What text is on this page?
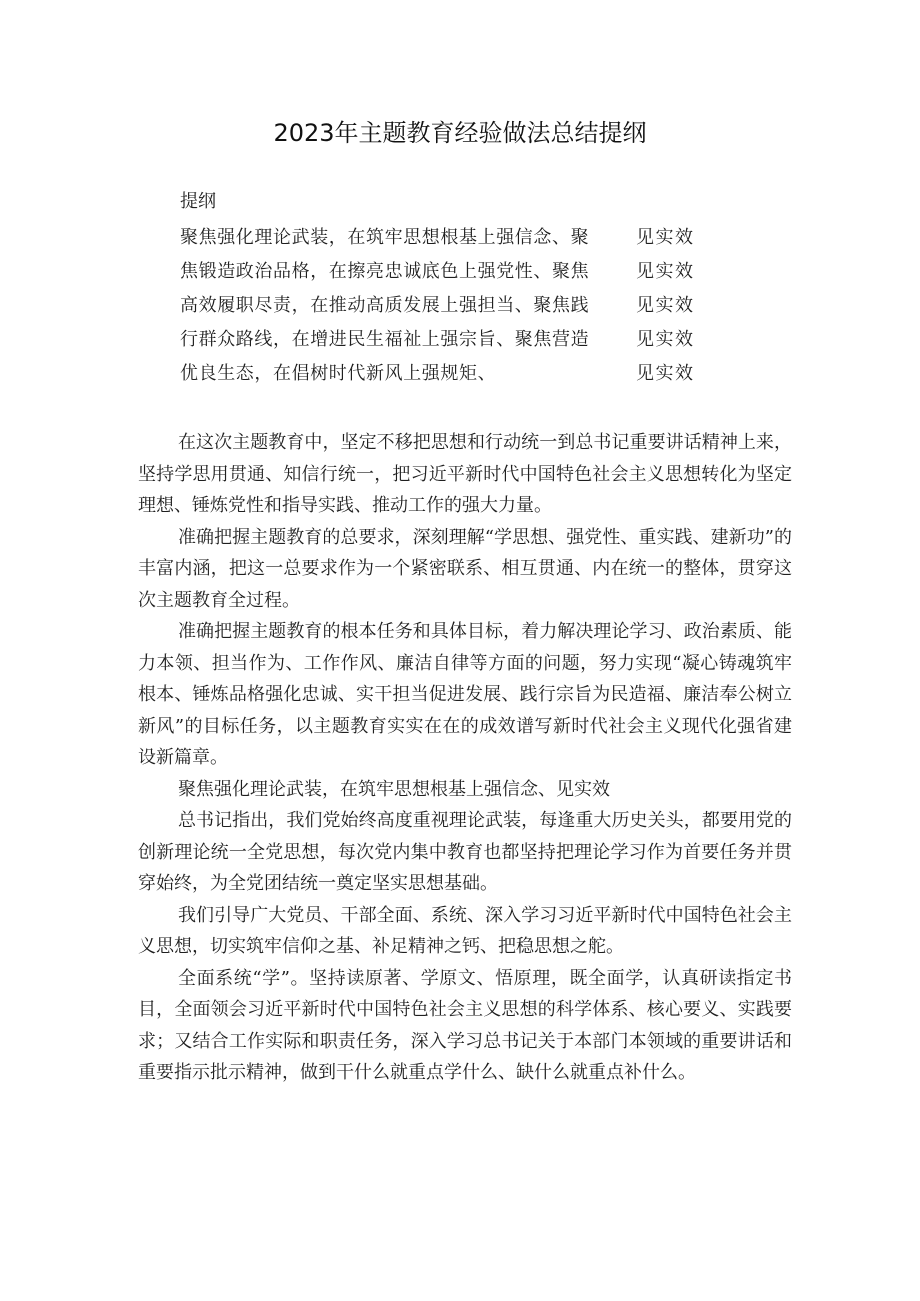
2023年主题教育经验做法总结提纲
提纲
聚焦强化理论武装，在筑牢思想根基上强信念、聚	见实效
焦锻造政治品格，在擦亮忠诚底色上强党性、聚焦	见实效
高效履职尽责，在推动高质发展上强担当、聚焦践	见实效
行群众路线，在增进民生福祉上强宗旨、聚焦营造	见实效
优良生态，在倡树时代新风上强规矩、	见实效

在这次主题教育中，坚定不移把思想和行动统一到总书记重要讲话精神上来，坚持学思用贯通、知信行统一，把习近平新时代中国特色社会主义思想转化为坚定理想、锤炼党性和指导实践、推动工作的强大力量。

准确把握主题教育的总要求，深刻理解“学思想、强党性、重实践、建新功”的丰富内涵，把这一总要求作为一个紧密联系、相互贯通、内在统一的整体，贯穿这次主题教育全过程。

准确把握主题教育的根本任务和具体目标，着力解决理论学习、政治素质、能力本领、担当作为、工作作风、廉洁自律等方面的问题，努力实现“凝心铸魂筑牢根本、锤炼品格强化忠诚、实干担当促进发展、践行宗旨为民造福、廉洁奉公树立新风”的目标任务，以主题教育实实在在的成效谱写新时代社会主义现代化强省建设新篇章。

聚焦强化理论武装，在筑牢思想根基上强信念、见实效

总书记指出，我们党始终高度重视理论武装，每逢重大历史关头，都要用党的创新理论统一全党思想，每次党内集中教育也都坚持把理论学习作为首要任务并贯穿始终，为全党团结统一奠定坚实思想基础。

我们引导广大党员、干部全面、系统、深入学习习近平新时代中国特色社会主义思想，切实筑牢信仰之基、补足精神之钙、把稳思想之舵。

全面系统“学”。坚持读原著、学原文、悟原理，既全面学，认真研读指定书目，全面领会习近平新时代中国特色社会主义思想的科学体系、核心要义、实践要求；又结合工作实际和职责任务，深入学习总书记关于本部门本领域的重要讲话和重要指示批示精神，做到干什么就重点学什么、缺什么就重点补什么。
